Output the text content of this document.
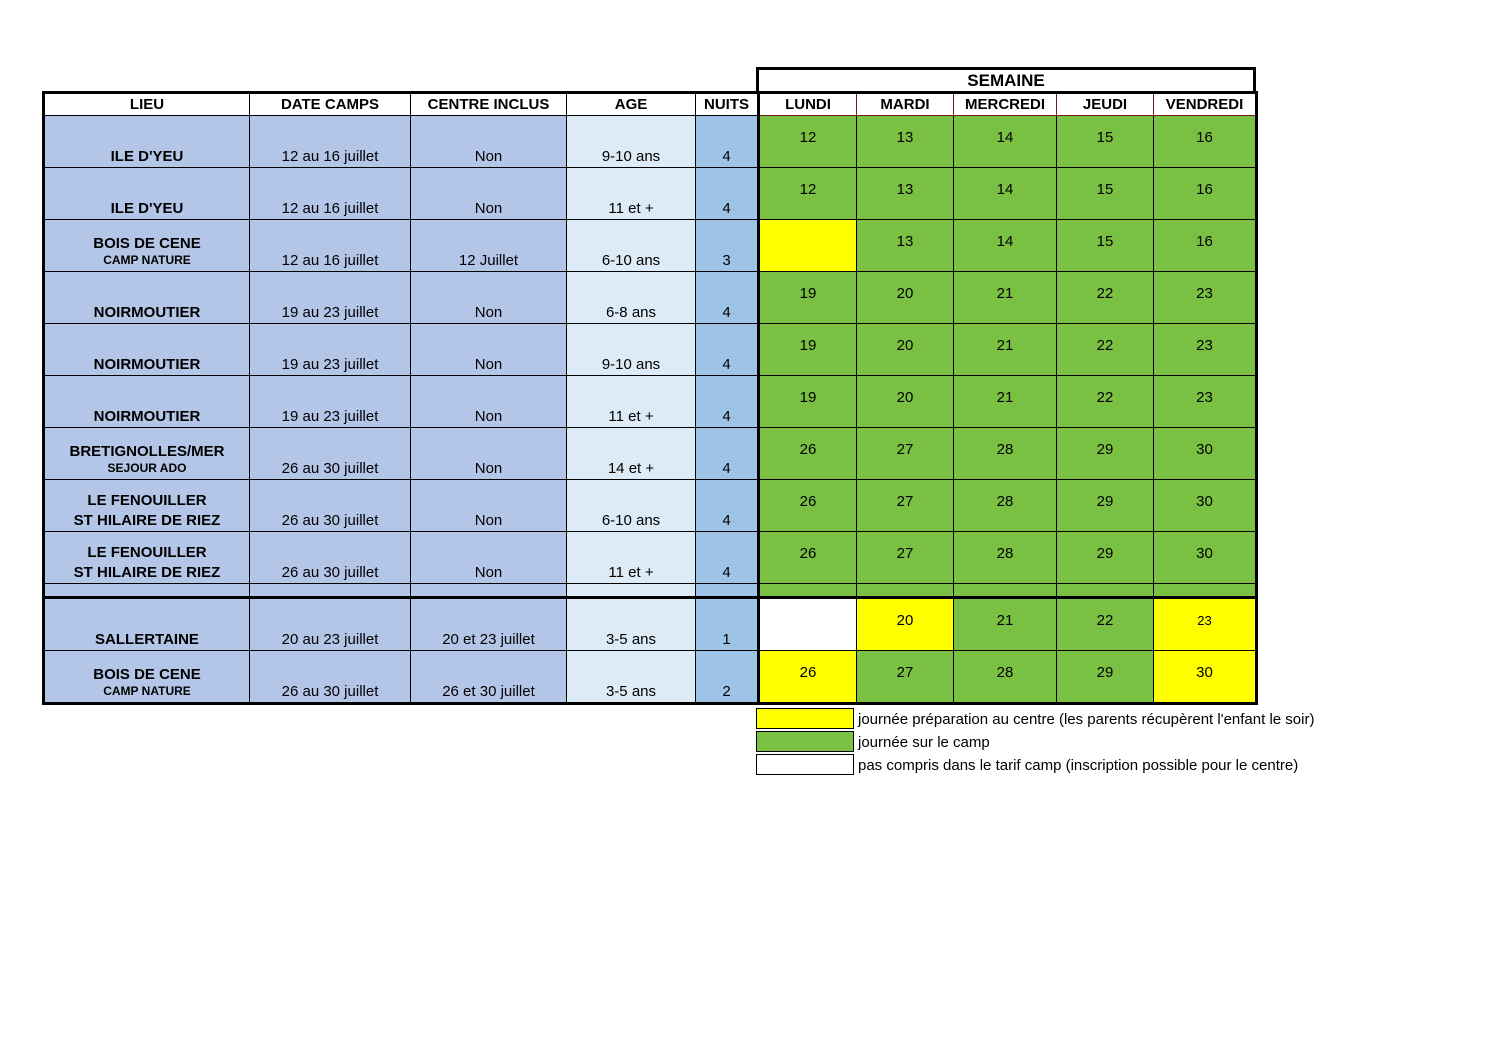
SEMAINE
LIEU	DATE CAMPS	CENTRE INCLUS	AGE	NUITS	LUNDI	MARDI	MERCREDI	JEUDI	VENDREDI

ILE D'YEU	12 au 16 juillet	Non	9-10 ans	4	12	13	14	15	16

ILE D'YEU	12 au 16 juillet	Non	11 et +	4	12	13	14	15	16

BOIS DE CENE
CAMP NATURE	12 au 16 juillet	12 Juillet	6-10 ans	3		13	14	15	16

NOIRMOUTIER	19 au 23 juillet	Non	6-8 ans	4	19	20	21	22	23

NOIRMOUTIER	19 au 23 juillet	Non	9-10 ans	4	19	20	21	22	23

NOIRMOUTIER	19 au 23 juillet	Non	11 et +	4	19	20	21	22	23

BRETIGNOLLES/MER
SEJOUR ADO	26 au 30 juillet	Non	14 et +	4	26	27	28	29	30

LE FENOUILLER
ST HILAIRE DE RIEZ	26 au 30 juillet	Non	6-10 ans	4	26	27	28	29	30

LE FENOUILLER
ST HILAIRE DE RIEZ	26 au 30 juillet	Non	11 et +	4	26	27	28	29	30

SALLERTAINE	20 au 23 juillet	20 et 23 juillet	3-5 ans	1		20	21	22	23

BOIS DE CENE
CAMP NATURE	26 au 30 juillet	26 et 30 juillet	3-5 ans	2	26	27	28	29	30
journée préparation au centre (les parents récupèrent l'enfant le soir)
journée sur le camp
pas compris dans le tarif camp (inscription possible pour le centre)
